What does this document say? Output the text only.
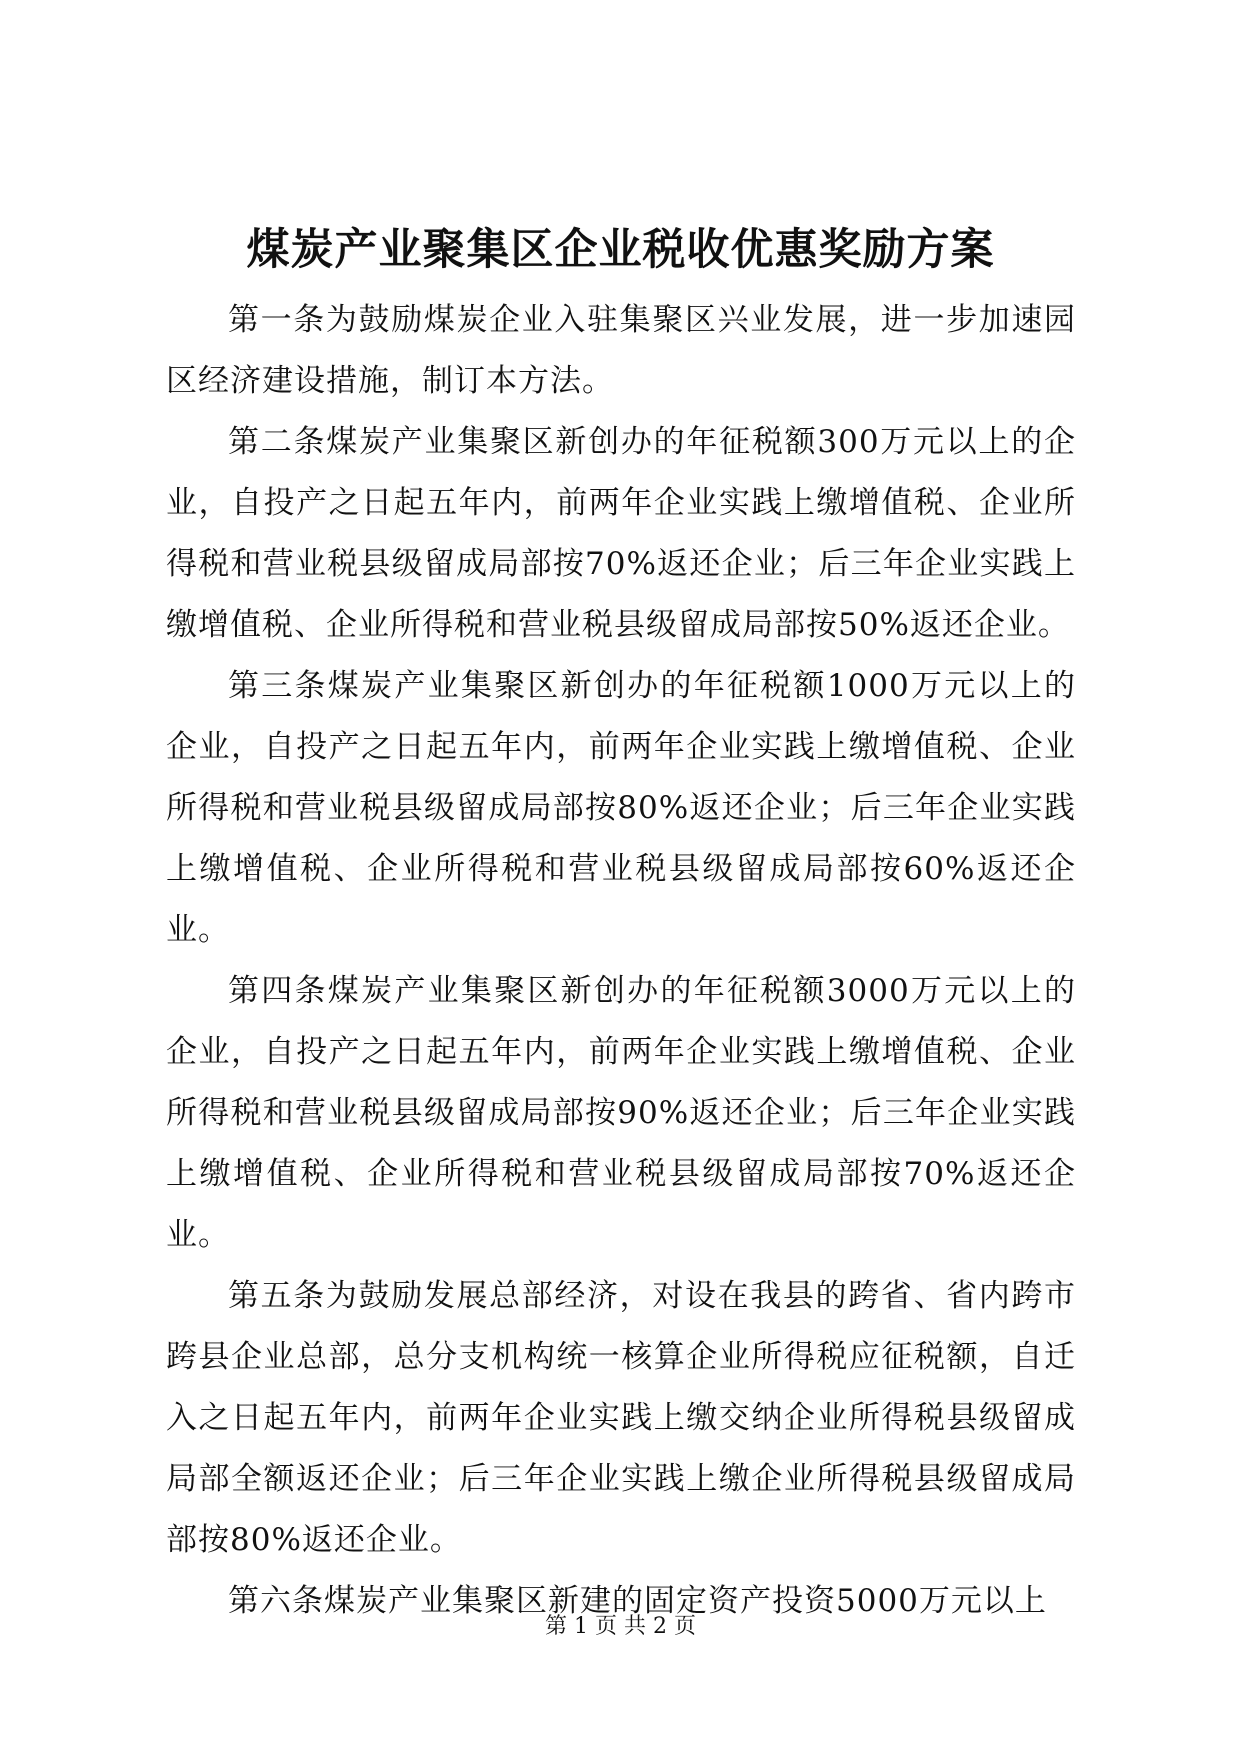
煤炭产业聚集区企业税收优惠奖励方案

第一条为鼓励煤炭企业入驻集聚区兴业发展，进一步加速园区经济建设措施，制订本方法。

第二条煤炭产业集聚区新创办的年征税额300万元以上的企业，自投产之日起五年内，前两年企业实践上缴增值税、企业所得税和营业税县级留成局部按70%返还企业；后三年企业实践上缴增值税、企业所得税和营业税县级留成局部按50%返还企业。

第三条煤炭产业集聚区新创办的年征税额1000万元以上的企业，自投产之日起五年内，前两年企业实践上缴增值税、企业所得税和营业税县级留成局部按80%返还企业；后三年企业实践上缴增值税、企业所得税和营业税县级留成局部按60%返还企业。

第四条煤炭产业集聚区新创办的年征税额3000万元以上的企业，自投产之日起五年内，前两年企业实践上缴增值税、企业所得税和营业税县级留成局部按90%返还企业；后三年企业实践上缴增值税、企业所得税和营业税县级留成局部按70%返还企业。

第五条为鼓励发展总部经济，对设在我县的跨省、省内跨市跨县企业总部，总分支机构统一核算企业所得税应征税额，自迁入之日起五年内，前两年企业实践上缴交纳企业所得税县级留成局部全额返还企业；后三年企业实践上缴企业所得税县级留成局部按80%返还企业。

第六条煤炭产业集聚区新建的固定资产投资5000万元以上

第 1 页 共 2 页
